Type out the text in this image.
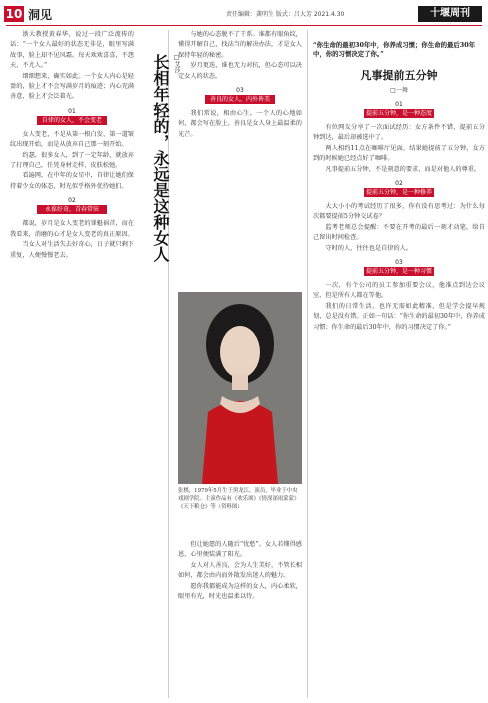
10 洞见	责任编辑：龚明生 版式：吕大芳 2021.4.30	十堰周刊

浙大教授黄春华，说过一段广泛流传的话：“一个女人最好的状态无非是，眼里写满故事，脸上却不见风霜。每天欢欢喜喜，不怨天，不尤人。”

细细想来，确实如此。一个女人内心是轻盈的，脸上才不会写满岁月的痕迹；内心充满善意，脸上才会泛着光。

01
自律的女人，不会变老

女人变老，不是从第一根白发、第一道皱纹出现开始，而是从放弃自己那一刻开始。

约瑟，很多女人，到了一定年龄，就放弃了打理自己，任凭身材走样、皮肤松弛。

看遍网，在中年的女星中，自律让她们保持着少女的体态，时光似乎格外优待她们。

02
永葆好奇，青春常驻

都说，岁月是女人变老的罪魁祸首，而在我看来，消磨的心才是女人变老的真正原因。

当女人对生活失去好奇心，日子就只剩下重复，人便慢慢老去。	长相年轻的，永远是这种女人 □艾莎

与她的心态脱不了干系。谁都有眼角纹，懂得开解自己，找法当的解决办法，才是女人保持年轻的秘密。

岁月更迭，谁也无力对抗，但心态可以决定女人的状态。

03
善良的女人，内外皆美

我们常说，相由心生。一个人的心地如何，都会写在脸上。善良是女人身上最温柔的光芒。

张棋，1979年5月生于黑龙江，演员，毕业于中央戏剧学院。主演作品有《欢乐颂》《情深深雨蒙蒙》《天下粮仓》等（资料图）

但让她愿的人随后“忧愁”。女人若懂得感恩，心里便装满了阳光。

女人对人善良，会为人生美好，不管长相如何，都会由内而外散发出迷人的魅力。

愿你我都能成为这样的女人，内心柔软，眼里有光，时光也温柔以待。

“你生命的最初30年中，你养成习惯；你生命的最后30年中，你的习惯决定了你。”
凡事提前五分钟
□一舞
01
提前五分钟，是一种态度

有位网友分享了一次面试经历：女方条件不错，提前五分钟到达，最后却被选中了。

两人相约11点在咖啡厅见面，结果她提前了五分钟，女方到的时候她已经点好了咖啡。

凡事提前五分钟，不是刻意的要求，而是对他人的尊重。

02
提前五分钟，是一种修养

大大小小的考试经历了很多，你有没有思考过：为什么每次都要提前5分钟交试卷？

监考老师总会提醒：不要在开考的最后一刻才动笔，给自己留出时间检查。

守时的人，往往也是自律的人。

03
提前五分钟，是一种习惯

一次，有个公司的员工参加重要会议，他准点到达会议室，但是所有人都在等他。

我们的日常生活，也许无需如此精准，但是学会提早规划，总是没有错。正如一句话：“你生命的最初30年中，你养成习惯；你生命的最后30年中，你的习惯决定了你。”
